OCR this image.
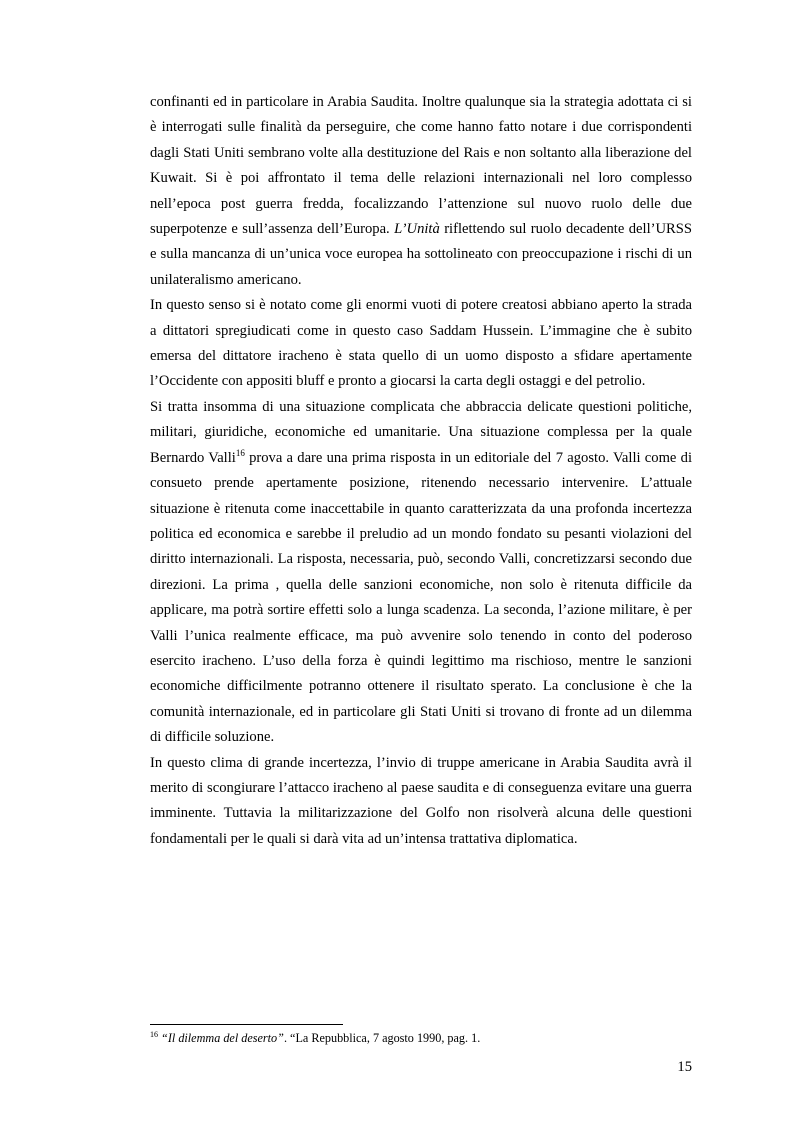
confinanti ed in particolare in Arabia Saudita. Inoltre qualunque sia la strategia adottata ci si è interrogati sulle finalità da perseguire, che come hanno fatto notare i due corrispondenti dagli Stati Uniti sembrano volte alla destituzione del Rais e non soltanto alla liberazione del Kuwait. Si è poi affrontato il tema delle relazioni internazionali nel loro complesso nell’epoca post guerra fredda, focalizzando l’attenzione sul nuovo ruolo delle due superpotenze e sull’assenza dell’Europa. L’Unità riflettendo sul ruolo decadente dell’URSS e sulla mancanza di un’unica voce europea ha sottolineato con preoccupazione i rischi di un unilateralismo americano.

In questo senso si è notato come gli enormi vuoti di potere creatosi abbiano aperto la strada a dittatori spregiudicati come in questo caso Saddam Hussein. L’immagine che è subito emersa del dittatore iracheno è stata quello di un uomo disposto a sfidare apertamente l’Occidente con appositi bluff e pronto a giocarsi la carta degli ostaggi e del petrolio.

Si tratta insomma di una situazione complicata che abbraccia delicate questioni politiche, militari, giuridiche, economiche ed umanitarie. Una situazione complessa per la quale Bernardo Valli$^{16}$ prova a dare una prima risposta in un editoriale del 7 agosto. Valli come di consueto prende apertamente posizione, ritenendo necessario intervenire. L’attuale situazione è ritenuta come inaccettabile in quanto caratterizzata da una profonda incertezza politica ed economica e sarebbe il preludio ad un mondo fondato su pesanti violazioni del diritto internazionali. La risposta, necessaria, può, secondo Valli, concretizzarsi secondo due direzioni. La prima , quella delle sanzioni economiche, non solo è ritenuta difficile da applicare, ma potrà sortire effetti solo a lunga scadenza. La seconda, l’azione militare, è per Valli l’unica realmente efficace, ma può avvenire solo tenendo in conto del poderoso esercito iracheno. L’uso della forza è quindi legittimo ma rischioso, mentre le sanzioni economiche difficilmente potranno ottenere il risultato sperato. La conclusione è che la comunità internazionale, ed in particolare gli Stati Uniti si trovano di fronte ad un dilemma di difficile soluzione.

In questo clima di grande incertezza, l’invio di truppe americane in Arabia Saudita avrà il merito di scongiurare l’attacco iracheno al paese saudita e di conseguenza evitare una guerra imminente. Tuttavia la militarizzazione del Golfo non risolverà alcuna delle questioni fondamentali per le quali si darà vita ad un’intensa trattativa diplomatica.

$^{16}$ “Il dilemma del deserto”. “La Repubblica, 7 agosto 1990, pag. 1.
15
